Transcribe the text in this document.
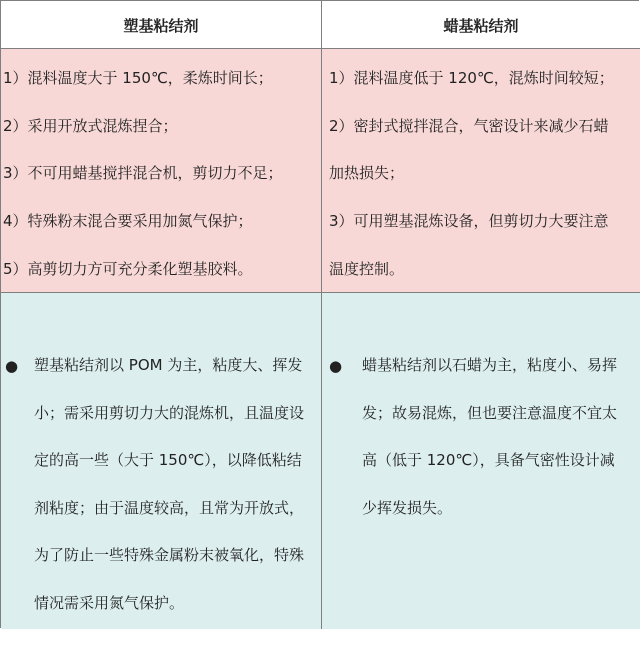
塑基粘结剂	蜡基粘结剂
1）混料温度大于 150℃，柔炼时间长；
2）采用开放式混炼捏合；
3）不可用蜡基搅拌混合机，剪切力不足；
4）特殊粉末混合要采用加氮气保护；
5）高剪切力方可充分柔化塑基胶料。
1）混料温度低于 120℃，混炼时间较短；
2）密封式搅拌混合，气密设计来减少石蜡
加热损失；
3）可用塑基混炼设备，但剪切力大要注意
温度控制。
● 塑基粘结剂以 POM 为主，粘度大、挥发
小；需采用剪切力大的混炼机，且温度设
定的高一些（大于 150℃），以降低粘结
剂粘度；由于温度较高，且常为开放式，
为了防止一些特殊金属粉末被氧化，特殊
情况需采用氮气保护。
● 蜡基粘结剂以石蜡为主，粘度小、易挥
发；故易混炼，但也要注意温度不宜太
高（低于 120℃），具备气密性设计减
少挥发损失。
